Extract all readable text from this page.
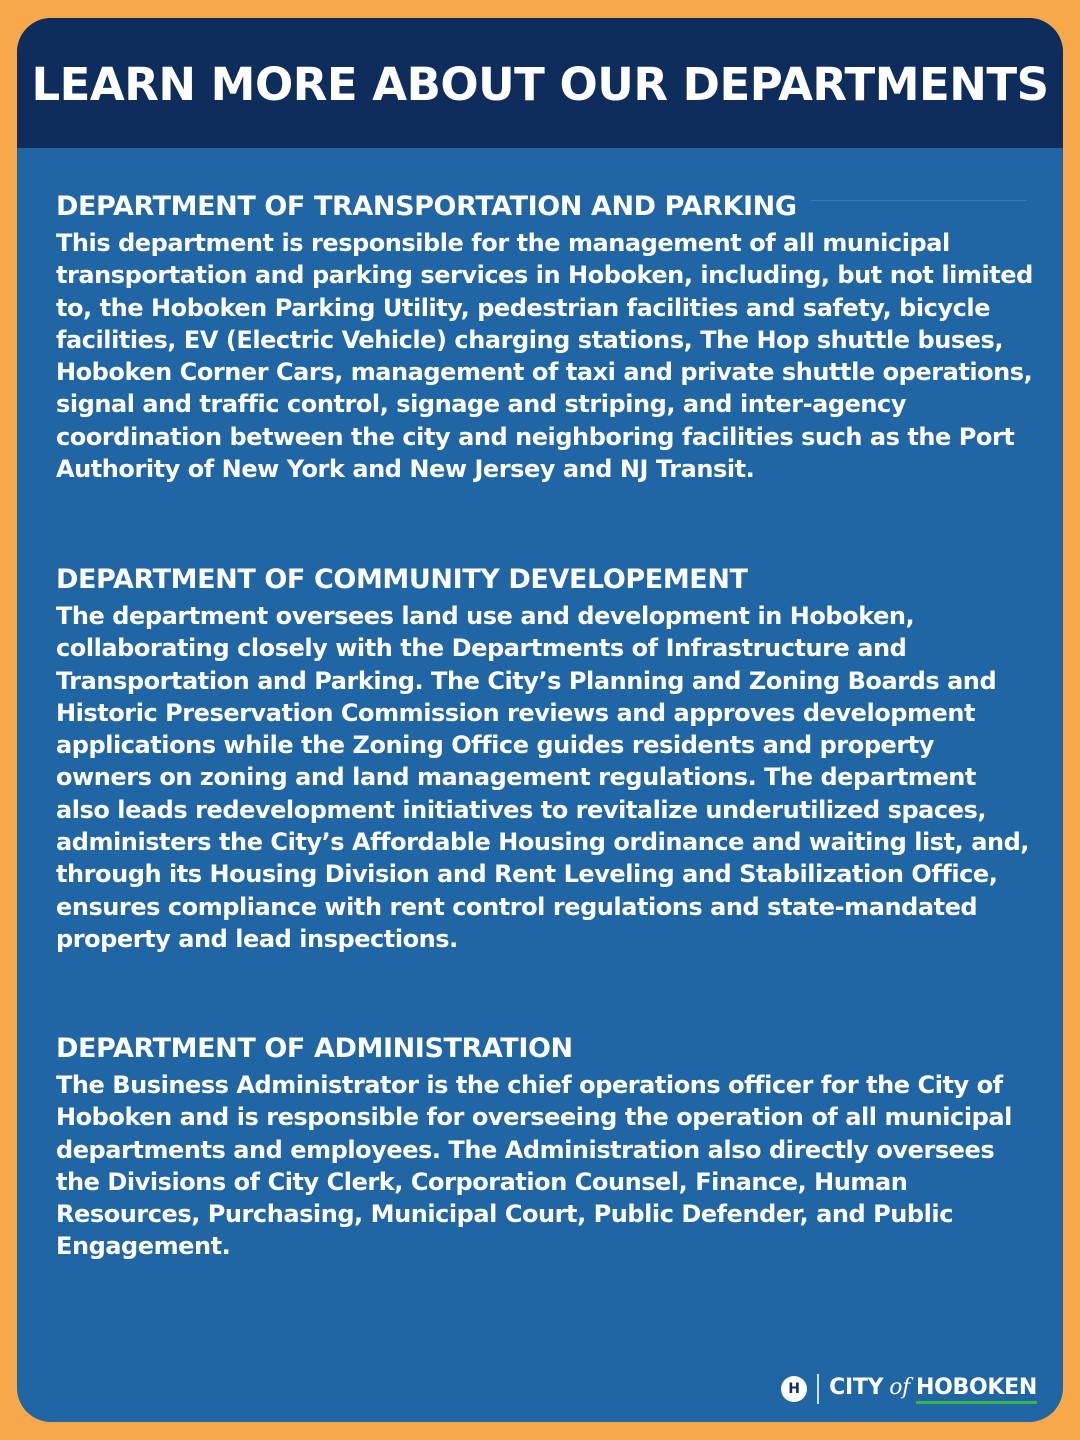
LEARN MORE ABOUT OUR DEPARTMENTS
DEPARTMENT OF TRANSPORTATION AND PARKING

This department is responsible for the management of all municipal transportation and parking services in Hoboken, including, but not limited to, the Hoboken Parking Utility, pedestrian facilities and safety, bicycle facilities, EV (Electric Vehicle) charging stations, The Hop shuttle buses, Hoboken Corner Cars, management of taxi and private shuttle operations, signal and traffic control, signage and striping, and inter-agency coordination between the city and neighboring facilities such as the Port Authority of New York and New Jersey and NJ Transit.

DEPARTMENT OF COMMUNITY DEVELOPEMENT

The department oversees land use and development in Hoboken, collaborating closely with the Departments of Infrastructure and Transportation and Parking. The City’s Planning and Zoning Boards and Historic Preservation Commission reviews and approves development applications while the Zoning Office guides residents and property owners on zoning and land management regulations. The department also leads redevelopment initiatives to revitalize underutilized spaces, administers the City’s Affordable Housing ordinance and waiting list, and, through its Housing Division and Rent Leveling and Stabilization Office, ensures compliance with rent control regulations and state-mandated property and lead inspections.

DEPARTMENT OF ADMINISTRATION

The Business Administrator is the chief operations officer for the City of Hoboken and is responsible for overseeing the operation of all municipal departments and employees. The Administration also directly oversees the Divisions of City Clerk, Corporation Counsel, Finance, Human Resources, Purchasing, Municipal Court, Public Defender, and Public Engagement.

H	CITY of HOBOKEN
